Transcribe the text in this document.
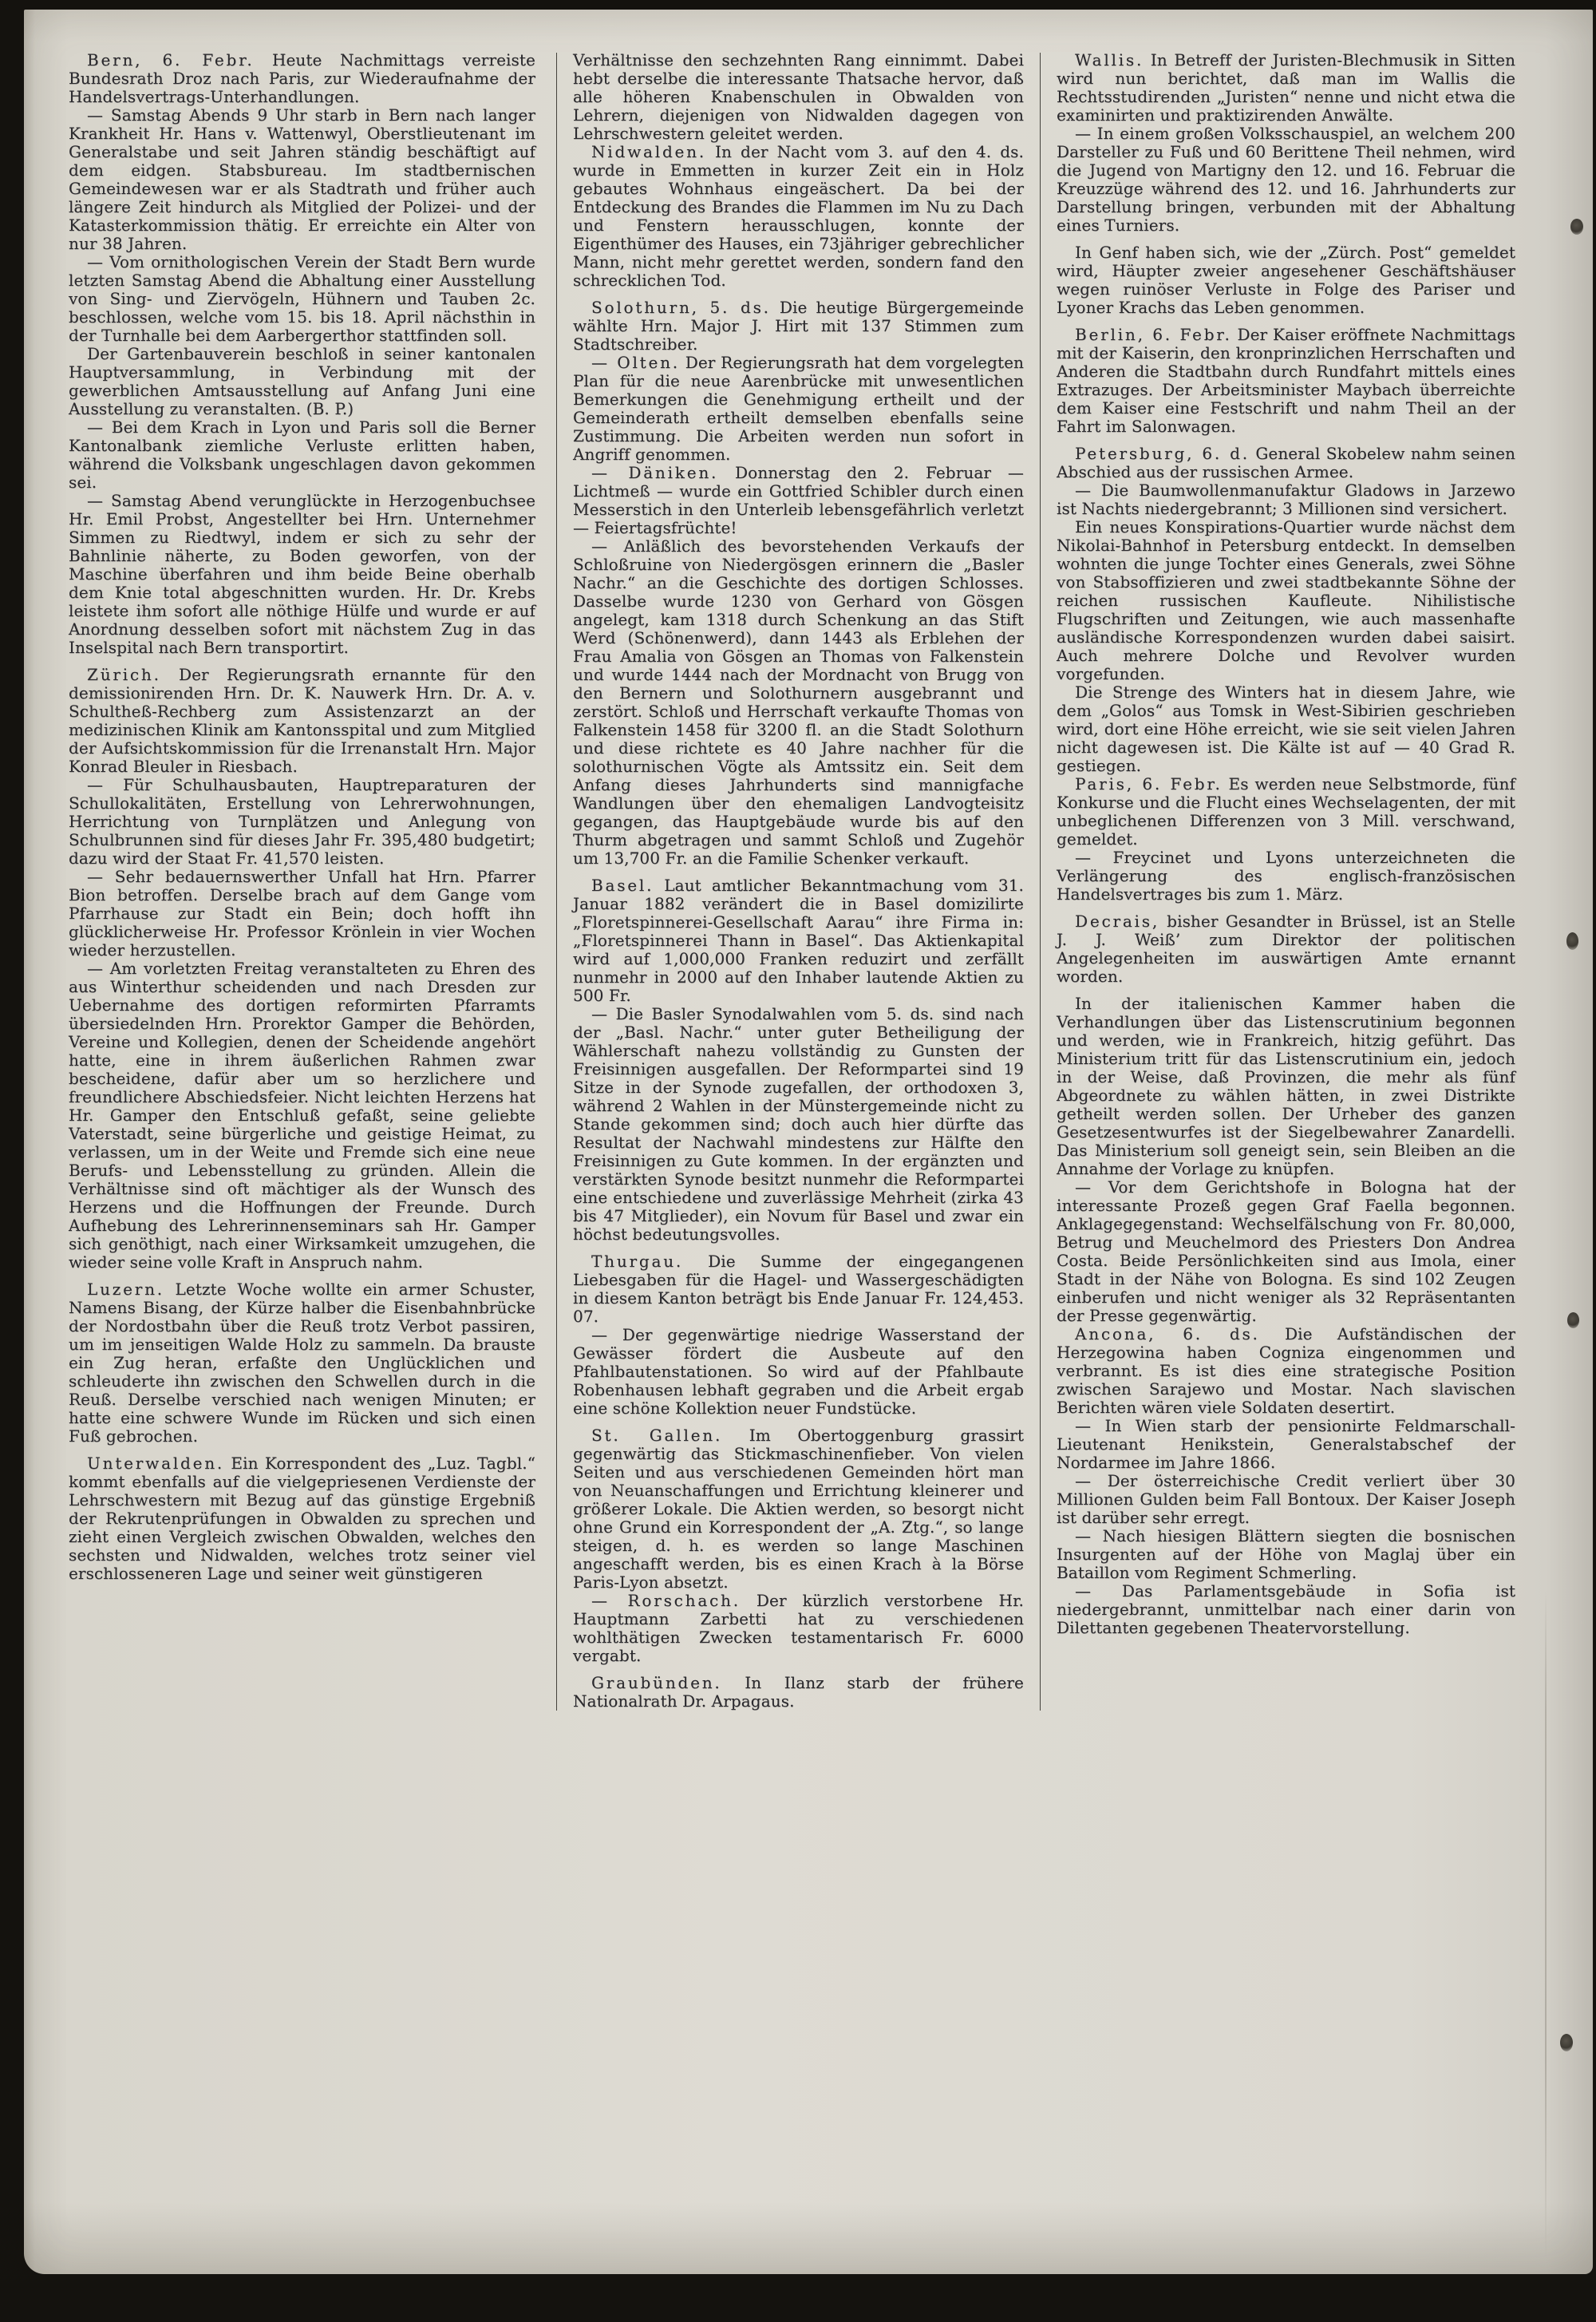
Bern, 6. Febr. Heute Nachmittags verreiste Bundesrath Droz nach Paris, zur Wiederaufnahme der Handelsvertrags-Unterhandlungen.

— Samstag Abends 9 Uhr starb in Bern nach langer Krankheit Hr. Hans v. Wattenwyl, Oberstlieutenant im Generalstabe und seit Jahren ständig beschäftigt auf dem eidgen. Stabsbureau. Im stadtbernischen Gemeindewesen war er als Stadtrath und früher auch längere Zeit hindurch als Mitglied der Polizei- und der Katasterkommission thätig. Er erreichte ein Alter von nur 38 Jahren.

— Vom ornithologischen Verein der Stadt Bern wurde letzten Samstag Abend die Abhaltung einer Ausstellung von Sing- und Ziervögeln, Hühnern und Tauben 2c. beschlossen, welche vom 15. bis 18. April nächsthin in der Turnhalle bei dem Aarbergerthor stattfinden soll.

Der Gartenbauverein beschloß in seiner kantonalen Hauptversammlung, in Verbindung mit der gewerblichen Amtsausstellung auf Anfang Juni eine Ausstellung zu veranstalten. (B. P.)

— Bei dem Krach in Lyon und Paris soll die Berner Kantonalbank ziemliche Verluste erlitten haben, während die Volksbank ungeschlagen davon gekommen sei.

— Samstag Abend verunglückte in Herzogenbuchsee Hr. Emil Probst, Angestellter bei Hrn. Unternehmer Simmen zu Riedtwyl, indem er sich zu sehr der Bahnlinie näherte, zu Boden geworfen, von der Maschine überfahren und ihm beide Beine oberhalb dem Knie total abgeschnitten wurden. Hr. Dr. Krebs leistete ihm sofort alle nöthige Hülfe und wurde er auf Anordnung desselben sofort mit nächstem Zug in das Inselspital nach Bern transportirt.

Zürich. Der Regierungsrath ernannte für den demissionirenden Hrn. Dr. K. Nauwerk Hrn. Dr. A. v. Schultheß-Rechberg zum Assistenzarzt an der medizinischen Klinik am Kantonsspital und zum Mitglied der Aufsichtskommission für die Irrenanstalt Hrn. Major Konrad Bleuler in Riesbach.

— Für Schulhausbauten, Hauptreparaturen der Schullokalitäten, Erstellung von Lehrerwohnungen, Herrichtung von Turnplätzen und Anlegung von Schulbrunnen sind für dieses Jahr Fr. 395,480 budgetirt; dazu wird der Staat Fr. 41,570 leisten.

— Sehr bedauernswerther Unfall hat Hrn. Pfarrer Bion betroffen. Derselbe brach auf dem Gange vom Pfarrhause zur Stadt ein Bein; doch hofft ihn glücklicherweise Hr. Professor Krönlein in vier Wochen wieder herzustellen.

— Am vorletzten Freitag veranstalteten zu Ehren des aus Winterthur scheidenden und nach Dresden zur Uebernahme des dortigen reformirten Pfarramts übersiedelnden Hrn. Prorektor Gamper die Behörden, Vereine und Kollegien, denen der Scheidende angehört hatte, eine in ihrem äußerlichen Rahmen zwar bescheidene, dafür aber um so herzlichere und freundlichere Abschiedsfeier. Nicht leichten Herzens hat Hr. Gamper den Entschluß gefaßt, seine geliebte Vaterstadt, seine bürgerliche und geistige Heimat, zu verlassen, um in der Weite und Fremde sich eine neue Berufs- und Lebensstellung zu gründen. Allein die Verhältnisse sind oft mächtiger als der Wunsch des Herzens und die Hoffnungen der Freunde. Durch Aufhebung des Lehrerinnenseminars sah Hr. Gamper sich genöthigt, nach einer Wirksamkeit umzugehen, die wieder seine volle Kraft in Anspruch nahm.

Luzern. Letzte Woche wollte ein armer Schuster, Namens Bisang, der Kürze halber die Eisenbahnbrücke der Nordostbahn über die Reuß trotz Verbot passiren, um im jenseitigen Walde Holz zu sammeln. Da brauste ein Zug heran, erfaßte den Unglücklichen und schleuderte ihn zwischen den Schwellen durch in die Reuß. Derselbe verschied nach wenigen Minuten; er hatte eine schwere Wunde im Rücken und sich einen Fuß gebrochen.

Unterwalden. Ein Korrespondent des „Luz. Tagbl.“ kommt ebenfalls auf die vielgepriesenen Verdienste der Lehrschwestern mit Bezug auf das günstige Ergebniß der Rekrutenprüfungen in Obwalden zu sprechen und zieht einen Vergleich zwischen Obwalden, welches den sechsten und Nidwalden, welches trotz seiner viel erschlosseneren Lage und seiner weit günstigeren

Verhältnisse den sechzehnten Rang einnimmt. Dabei hebt derselbe die interessante Thatsache hervor, daß alle höheren Knabenschulen in Obwalden von Lehrern, diejenigen von Nidwalden dagegen von Lehrschwestern geleitet werden.

Nidwalden. In der Nacht vom 3. auf den 4. ds. wurde in Emmetten in kurzer Zeit ein in Holz gebautes Wohnhaus eingeäschert. Da bei der Entdeckung des Brandes die Flammen im Nu zu Dach und Fenstern herausschlugen, konnte der Eigenthümer des Hauses, ein 73jähriger gebrechlicher Mann, nicht mehr gerettet werden, sondern fand den schrecklichen Tod.

Solothurn, 5. ds. Die heutige Bürgergemeinde wählte Hrn. Major J. Hirt mit 137 Stimmen zum Stadtschreiber.

— Olten. Der Regierungsrath hat dem vorgelegten Plan für die neue Aarenbrücke mit unwesentlichen Bemerkungen die Genehmigung ertheilt und der Gemeinderath ertheilt demselben ebenfalls seine Zustimmung. Die Arbeiten werden nun sofort in Angriff genommen.

— Däniken. Donnerstag den 2. Februar — Lichtmeß — wurde ein Gottfried Schibler durch einen Messerstich in den Unterleib lebensgefährlich verletzt — Feiertagsfrüchte!

— Anläßlich des bevorstehenden Verkaufs der Schloßruine von Niedergösgen erinnern die „Basler Nachr.“ an die Geschichte des dortigen Schlosses. Dasselbe wurde 1230 von Gerhard von Gösgen angelegt, kam 1318 durch Schenkung an das Stift Werd (Schönenwerd), dann 1443 als Erblehen der Frau Amalia von Gösgen an Thomas von Falkenstein und wurde 1444 nach der Mordnacht von Brugg von den Bernern und Solothurnern ausgebrannt und zerstört. Schloß und Herrschaft verkaufte Thomas von Falkenstein 1458 für 3200 fl. an die Stadt Solothurn und diese richtete es 40 Jahre nachher für die solothurnischen Vögte als Amtssitz ein. Seit dem Anfang dieses Jahrhunderts sind mannigfache Wandlungen über den ehemaligen Landvogteisitz gegangen, das Hauptgebäude wurde bis auf den Thurm abgetragen und sammt Schloß und Zugehör um 13,700 Fr. an die Familie Schenker verkauft.

Basel. Laut amtlicher Bekanntmachung vom 31. Januar 1882 verändert die in Basel domizilirte „Floretspinnerei-Gesellschaft Aarau“ ihre Firma in: „Floretspinnerei Thann in Basel“. Das Aktienkapital wird auf 1,000,000 Franken reduzirt und zerfällt nunmehr in 2000 auf den Inhaber lautende Aktien zu 500 Fr.

— Die Basler Synodalwahlen vom 5. ds. sind nach der „Basl. Nachr.“ unter guter Betheiligung der Wählerschaft nahezu vollständig zu Gunsten der Freisinnigen ausgefallen. Der Reformpartei sind 19 Sitze in der Synode zugefallen, der orthodoxen 3, während 2 Wahlen in der Münstergemeinde nicht zu Stande gekommen sind; doch auch hier dürfte das Resultat der Nachwahl mindestens zur Hälfte den Freisinnigen zu Gute kommen. In der ergänzten und verstärkten Synode besitzt nunmehr die Reformpartei eine entschiedene und zuverlässige Mehrheit (zirka 43 bis 47 Mitglieder), ein Novum für Basel und zwar ein höchst bedeutungsvolles.

Thurgau. Die Summe der eingegangenen Liebesgaben für die Hagel- und Wassergeschädigten in diesem Kanton beträgt bis Ende Januar Fr. 124,453. 07.

— Der gegenwärtige niedrige Wasserstand der Gewässer fördert die Ausbeute auf den Pfahlbautenstationen. So wird auf der Pfahlbaute Robenhausen lebhaft gegraben und die Arbeit ergab eine schöne Kollektion neuer Fundstücke.

St. Gallen. Im Obertoggenburg grassirt gegenwärtig das Stickmaschinenfieber. Von vielen Seiten und aus verschiedenen Gemeinden hört man von Neuanschaffungen und Errichtung kleinerer und größerer Lokale. Die Aktien werden, so besorgt nicht ohne Grund ein Korrespondent der „A. Ztg.“, so lange steigen, d. h. es werden so lange Maschinen angeschafft werden, bis es einen Krach à la Börse Paris-Lyon absetzt.

— Rorschach. Der kürzlich verstorbene Hr. Hauptmann Zarbetti hat zu verschiedenen wohlthätigen Zwecken testamentarisch Fr. 6000 vergabt.

Graubünden. In Ilanz starb der frühere Nationalrath Dr. Arpagaus.

Wallis. In Betreff der Juristen-Blechmusik in Sitten wird nun berichtet, daß man im Wallis die Rechtsstudirenden „Juristen“ nenne und nicht etwa die examinirten und praktizirenden Anwälte.

— In einem großen Volksschauspiel, an welchem 200 Darsteller zu Fuß und 60 Berittene Theil nehmen, wird die Jugend von Martigny den 12. und 16. Februar die Kreuzzüge während des 12. und 16. Jahrhunderts zur Darstellung bringen, verbunden mit der Abhaltung eines Turniers.

In Genf haben sich, wie der „Zürch. Post“ gemeldet wird, Häupter zweier angesehener Geschäftshäuser wegen ruinöser Verluste in Folge des Pariser und Lyoner Krachs das Leben genommen.

Berlin, 6. Febr. Der Kaiser eröffnete Nachmittags mit der Kaiserin, den kronprinzlichen Herrschaften und Anderen die Stadtbahn durch Rundfahrt mittels eines Extrazuges. Der Arbeitsminister Maybach überreichte dem Kaiser eine Festschrift und nahm Theil an der Fahrt im Salonwagen.

Petersburg, 6. d. General Skobelew nahm seinen Abschied aus der russischen Armee.

— Die Baumwollenmanufaktur Gladows in Jarzewo ist Nachts niedergebrannt; 3 Millionen sind versichert.

Ein neues Konspirations-Quartier wurde nächst dem Nikolai-Bahnhof in Petersburg entdeckt. In demselben wohnten die junge Tochter eines Generals, zwei Söhne von Stabsoffizieren und zwei stadtbekannte Söhne der reichen russischen Kaufleute. Nihilistische Flugschriften und Zeitungen, wie auch massenhafte ausländische Korrespondenzen wurden dabei saisirt. Auch mehrere Dolche und Revolver wurden vorgefunden.

Die Strenge des Winters hat in diesem Jahre, wie dem „Golos“ aus Tomsk in West-Sibirien geschrieben wird, dort eine Höhe erreicht, wie sie seit vielen Jahren nicht dagewesen ist. Die Kälte ist auf — 40 Grad R. gestiegen.

Paris, 6. Febr. Es werden neue Selbstmorde, fünf Konkurse und die Flucht eines Wechselagenten, der mit unbeglichenen Differenzen von 3 Mill. verschwand, gemeldet.

— Freycinet und Lyons unterzeichneten die Verlängerung des englisch-französischen Handelsvertrages bis zum 1. März.

Decrais, bisher Gesandter in Brüssel, ist an Stelle J. J. Weiß’ zum Direktor der politischen Angelegenheiten im auswärtigen Amte ernannt worden.

In der italienischen Kammer haben die Verhandlungen über das Listenscrutinium begonnen und werden, wie in Frankreich, hitzig geführt. Das Ministerium tritt für das Listenscrutinium ein, jedoch in der Weise, daß Provinzen, die mehr als fünf Abgeordnete zu wählen hätten, in zwei Distrikte getheilt werden sollen. Der Urheber des ganzen Gesetzesentwurfes ist der Siegelbewahrer Zanardelli. Das Ministerium soll geneigt sein, sein Bleiben an die Annahme der Vorlage zu knüpfen.

— Vor dem Gerichtshofe in Bologna hat der interessante Prozeß gegen Graf Faella begonnen. Anklagegegenstand: Wechselfälschung von Fr. 80,000, Betrug und Meuchelmord des Priesters Don Andrea Costa. Beide Persönlichkeiten sind aus Imola, einer Stadt in der Nähe von Bologna. Es sind 102 Zeugen einberufen und nicht weniger als 32 Repräsentanten der Presse gegenwärtig.

Ancona, 6. ds. Die Aufständischen der Herzegowina haben Cogniza eingenommen und verbrannt. Es ist dies eine strategische Position zwischen Sarajewo und Mostar. Nach slavischen Berichten wären viele Soldaten desertirt.

— In Wien starb der pensionirte Feldmarschall-Lieutenant Henikstein, Generalstabschef der Nordarmee im Jahre 1866.

— Der österreichische Credit verliert über 30 Millionen Gulden beim Fall Bontoux. Der Kaiser Joseph ist darüber sehr erregt.

— Nach hiesigen Blättern siegten die bosnischen Insurgenten auf der Höhe von Maglaj über ein Bataillon vom Regiment Schmerling.

— Das Parlamentsgebäude in Sofia ist niedergebrannt, unmittelbar nach einer darin von Dilettanten gegebenen Theatervorstellung.
